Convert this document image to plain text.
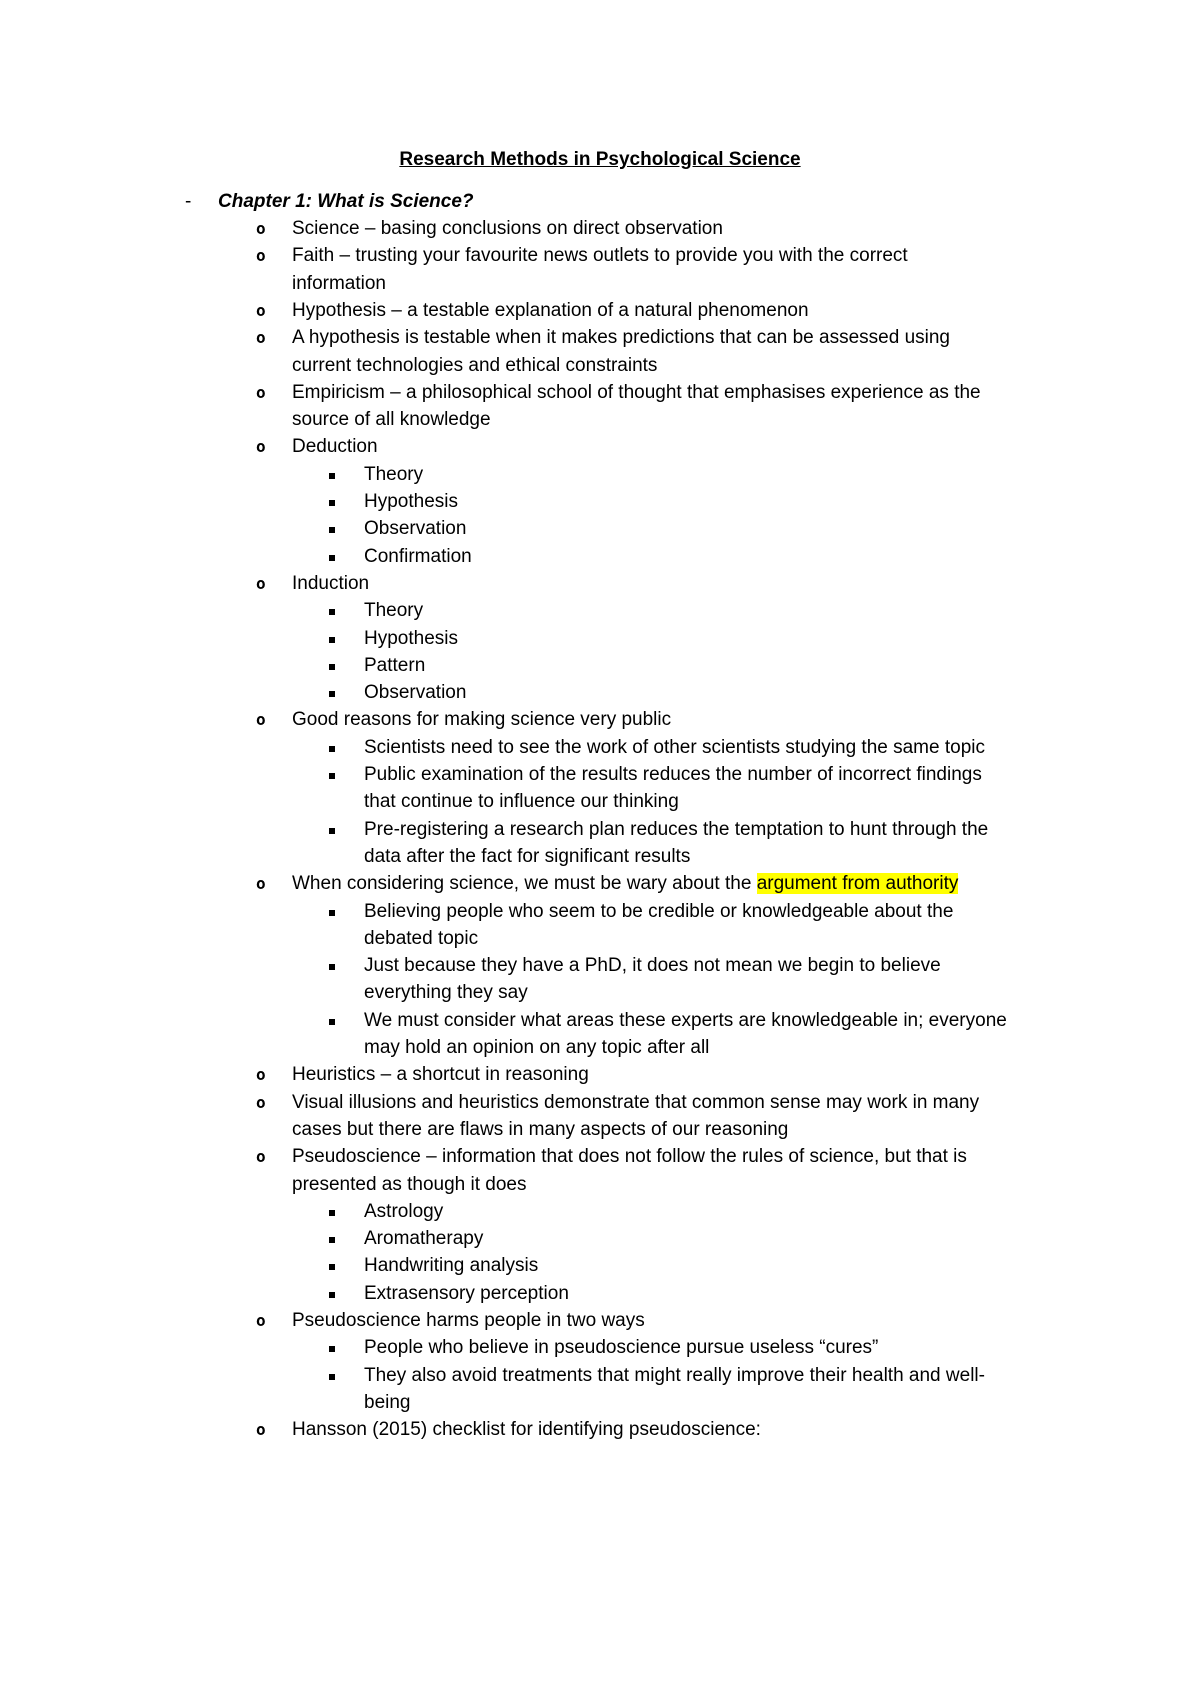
Research Methods in Psychological Science
- Chapter 1: What is Science?
o Science – basing conclusions on direct observation
o Faith – trusting your favourite news outlets to provide you with the correct
information
o Hypothesis – a testable explanation of a natural phenomenon
o A hypothesis is testable when it makes predictions that can be assessed using
current technologies and ethical constraints
o Empiricism – a philosophical school of thought that emphasises experience as the
source of all knowledge
o Deduction
Theory
Hypothesis
Observation
Confirmation
o Induction
Theory
Hypothesis
Pattern
Observation
o Good reasons for making science very public
Scientists need to see the work of other scientists studying the same topic
Public examination of the results reduces the number of incorrect findings
that continue to influence our thinking
Pre-registering a research plan reduces the temptation to hunt through the
data after the fact for significant results
o When considering science, we must be wary about the argument from authority
Believing people who seem to be credible or knowledgeable about the
debated topic
Just because they have a PhD, it does not mean we begin to believe
everything they say
We must consider what areas these experts are knowledgeable in; everyone
may hold an opinion on any topic after all
o Heuristics – a shortcut in reasoning
o Visual illusions and heuristics demonstrate that common sense may work in many
cases but there are flaws in many aspects of our reasoning
o Pseudoscience – information that does not follow the rules of science, but that is
presented as though it does
Astrology
Aromatherapy
Handwriting analysis
Extrasensory perception
o Pseudoscience harms people in two ways
People who believe in pseudoscience pursue useless “cures”
They also avoid treatments that might really improve their health and well-
being
o Hansson (2015) checklist for identifying pseudoscience:
